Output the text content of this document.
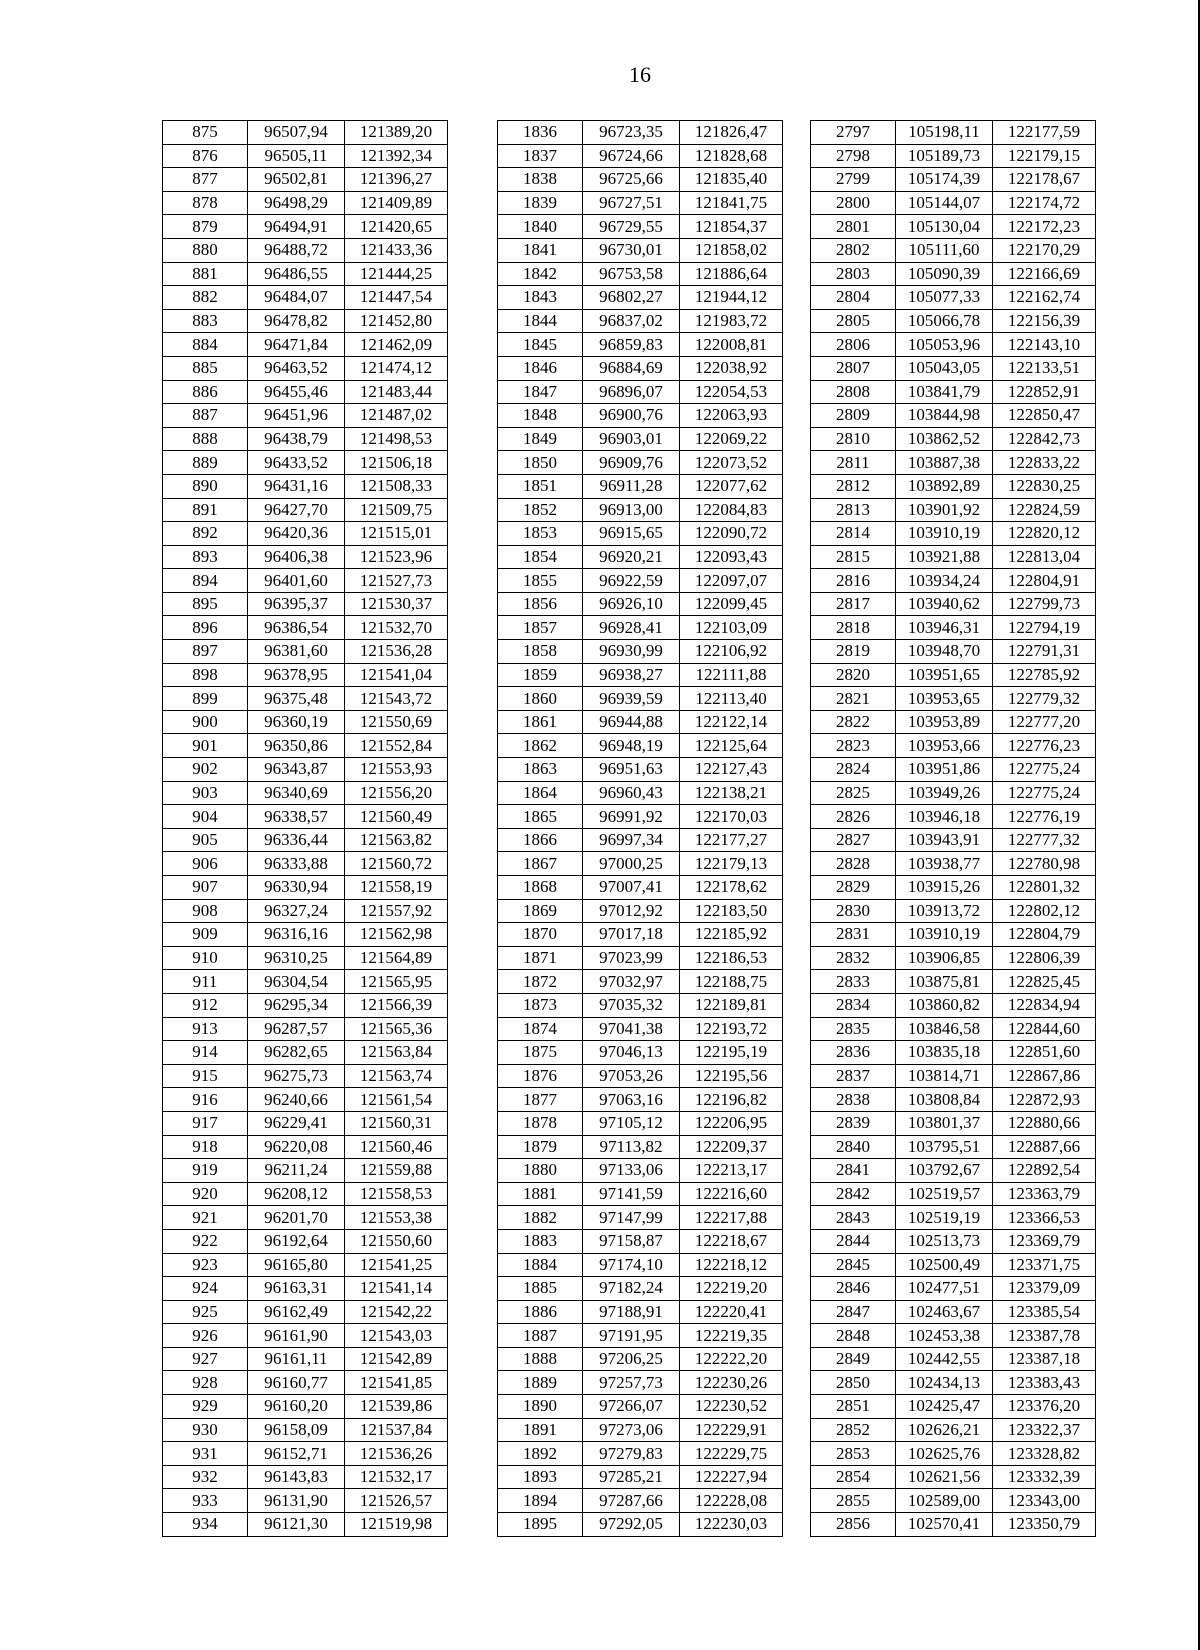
16
875	96507,94	121389,20
876	96505,11	121392,34
877	96502,81	121396,27
878	96498,29	121409,89
879	96494,91	121420,65
880	96488,72	121433,36
881	96486,55	121444,25
882	96484,07	121447,54
883	96478,82	121452,80
884	96471,84	121462,09
885	96463,52	121474,12
886	96455,46	121483,44
887	96451,96	121487,02
888	96438,79	121498,53
889	96433,52	121506,18
890	96431,16	121508,33
891	96427,70	121509,75
892	96420,36	121515,01
893	96406,38	121523,96
894	96401,60	121527,73
895	96395,37	121530,37
896	96386,54	121532,70
897	96381,60	121536,28
898	96378,95	121541,04
899	96375,48	121543,72
900	96360,19	121550,69
901	96350,86	121552,84
902	96343,87	121553,93
903	96340,69	121556,20
904	96338,57	121560,49
905	96336,44	121563,82
906	96333,88	121560,72
907	96330,94	121558,19
908	96327,24	121557,92
909	96316,16	121562,98
910	96310,25	121564,89
911	96304,54	121565,95
912	96295,34	121566,39
913	96287,57	121565,36
914	96282,65	121563,84
915	96275,73	121563,74
916	96240,66	121561,54
917	96229,41	121560,31
918	96220,08	121560,46
919	96211,24	121559,88
920	96208,12	121558,53
921	96201,70	121553,38
922	96192,64	121550,60
923	96165,80	121541,25
924	96163,31	121541,14
925	96162,49	121542,22
926	96161,90	121543,03
927	96161,11	121542,89
928	96160,77	121541,85
929	96160,20	121539,86
930	96158,09	121537,84
931	96152,71	121536,26
932	96143,83	121532,17
933	96131,90	121526,57
934	96121,30	121519,98
1836	96723,35	121826,47
1837	96724,66	121828,68
1838	96725,66	121835,40
1839	96727,51	121841,75
1840	96729,55	121854,37
1841	96730,01	121858,02
1842	96753,58	121886,64
1843	96802,27	121944,12
1844	96837,02	121983,72
1845	96859,83	122008,81
1846	96884,69	122038,92
1847	96896,07	122054,53
1848	96900,76	122063,93
1849	96903,01	122069,22
1850	96909,76	122073,52
1851	96911,28	122077,62
1852	96913,00	122084,83
1853	96915,65	122090,72
1854	96920,21	122093,43
1855	96922,59	122097,07
1856	96926,10	122099,45
1857	96928,41	122103,09
1858	96930,99	122106,92
1859	96938,27	122111,88
1860	96939,59	122113,40
1861	96944,88	122122,14
1862	96948,19	122125,64
1863	96951,63	122127,43
1864	96960,43	122138,21
1865	96991,92	122170,03
1866	96997,34	122177,27
1867	97000,25	122179,13
1868	97007,41	122178,62
1869	97012,92	122183,50
1870	97017,18	122185,92
1871	97023,99	122186,53
1872	97032,97	122188,75
1873	97035,32	122189,81
1874	97041,38	122193,72
1875	97046,13	122195,19
1876	97053,26	122195,56
1877	97063,16	122196,82
1878	97105,12	122206,95
1879	97113,82	122209,37
1880	97133,06	122213,17
1881	97141,59	122216,60
1882	97147,99	122217,88
1883	97158,87	122218,67
1884	97174,10	122218,12
1885	97182,24	122219,20
1886	97188,91	122220,41
1887	97191,95	122219,35
1888	97206,25	122222,20
1889	97257,73	122230,26
1890	97266,07	122230,52
1891	97273,06	122229,91
1892	97279,83	122229,75
1893	97285,21	122227,94
1894	97287,66	122228,08
1895	97292,05	122230,03
2797	105198,11	122177,59
2798	105189,73	122179,15
2799	105174,39	122178,67
2800	105144,07	122174,72
2801	105130,04	122172,23
2802	105111,60	122170,29
2803	105090,39	122166,69
2804	105077,33	122162,74
2805	105066,78	122156,39
2806	105053,96	122143,10
2807	105043,05	122133,51
2808	103841,79	122852,91
2809	103844,98	122850,47
2810	103862,52	122842,73
2811	103887,38	122833,22
2812	103892,89	122830,25
2813	103901,92	122824,59
2814	103910,19	122820,12
2815	103921,88	122813,04
2816	103934,24	122804,91
2817	103940,62	122799,73
2818	103946,31	122794,19
2819	103948,70	122791,31
2820	103951,65	122785,92
2821	103953,65	122779,32
2822	103953,89	122777,20
2823	103953,66	122776,23
2824	103951,86	122775,24
2825	103949,26	122775,24
2826	103946,18	122776,19
2827	103943,91	122777,32
2828	103938,77	122780,98
2829	103915,26	122801,32
2830	103913,72	122802,12
2831	103910,19	122804,79
2832	103906,85	122806,39
2833	103875,81	122825,45
2834	103860,82	122834,94
2835	103846,58	122844,60
2836	103835,18	122851,60
2837	103814,71	122867,86
2838	103808,84	122872,93
2839	103801,37	122880,66
2840	103795,51	122887,66
2841	103792,67	122892,54
2842	102519,57	123363,79
2843	102519,19	123366,53
2844	102513,73	123369,79
2845	102500,49	123371,75
2846	102477,51	123379,09
2847	102463,67	123385,54
2848	102453,38	123387,78
2849	102442,55	123387,18
2850	102434,13	123383,43
2851	102425,47	123376,20
2852	102626,21	123322,37
2853	102625,76	123328,82
2854	102621,56	123332,39
2855	102589,00	123343,00
2856	102570,41	123350,79
